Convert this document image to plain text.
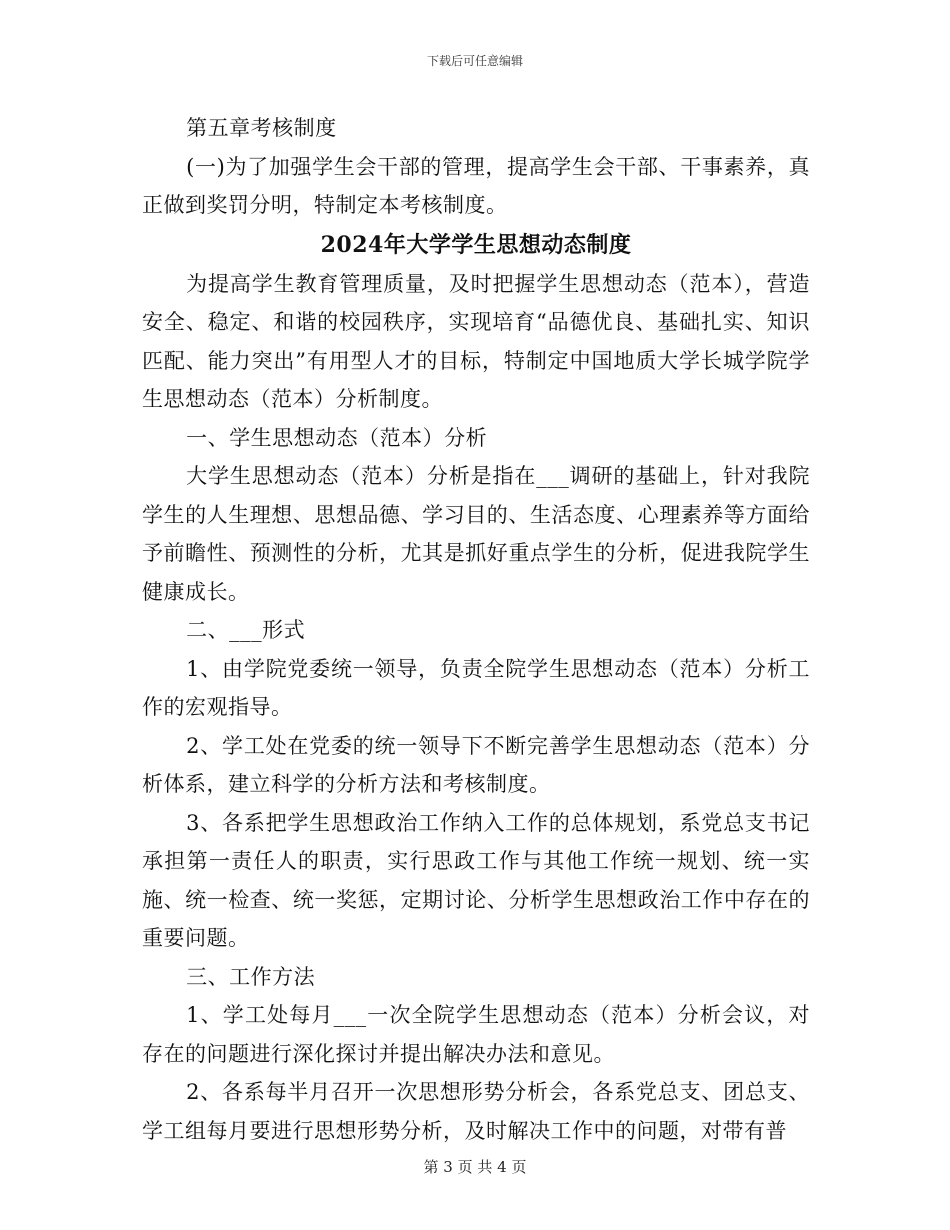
下载后可任意编辑

第五章考核制度

(一)为了加强学生会干部的管理，提高学生会干部、干事素养，真正做到奖罚分明，特制定本考核制度。

2024年大学学生思想动态制度

为提高学生教育管理质量，及时把握学生思想动态（范本），营造安全、稳定、和谐的校园秩序，实现培育“品德优良、基础扎实、知识匹配、能力突出”有用型人才的目标，特制定中国地质大学长城学院学生思想动态（范本）分析制度。

一、学生思想动态（范本）分析

大学生思想动态（范本）分析是指在___调研的基础上，针对我院学生的人生理想、思想品德、学习目的、生活态度、心理素养等方面给予前瞻性、预测性的分析，尤其是抓好重点学生的分析，促进我院学生健康成长。

二、___形式

1、由学院党委统一领导，负责全院学生思想动态（范本）分析工作的宏观指导。

2、学工处在党委的统一领导下不断完善学生思想动态（范本）分析体系，建立科学的分析方法和考核制度。

3、各系把学生思想政治工作纳入工作的总体规划，系党总支书记承担第一责任人的职责，实行思政工作与其他工作统一规划、统一实施、统一检查、统一奖惩，定期讨论、分析学生思想政治工作中存在的重要问题。

三、工作方法

1、学工处每月___一次全院学生思想动态（范本）分析会议，对存在的问题进行深化探讨并提出解决办法和意见。

2、各系每半月召开一次思想形势分析会，各系党总支、团总支、学工组每月要进行思想形势分析，及时解决工作中的问题，对带有普

第 3 页 共 4 页
